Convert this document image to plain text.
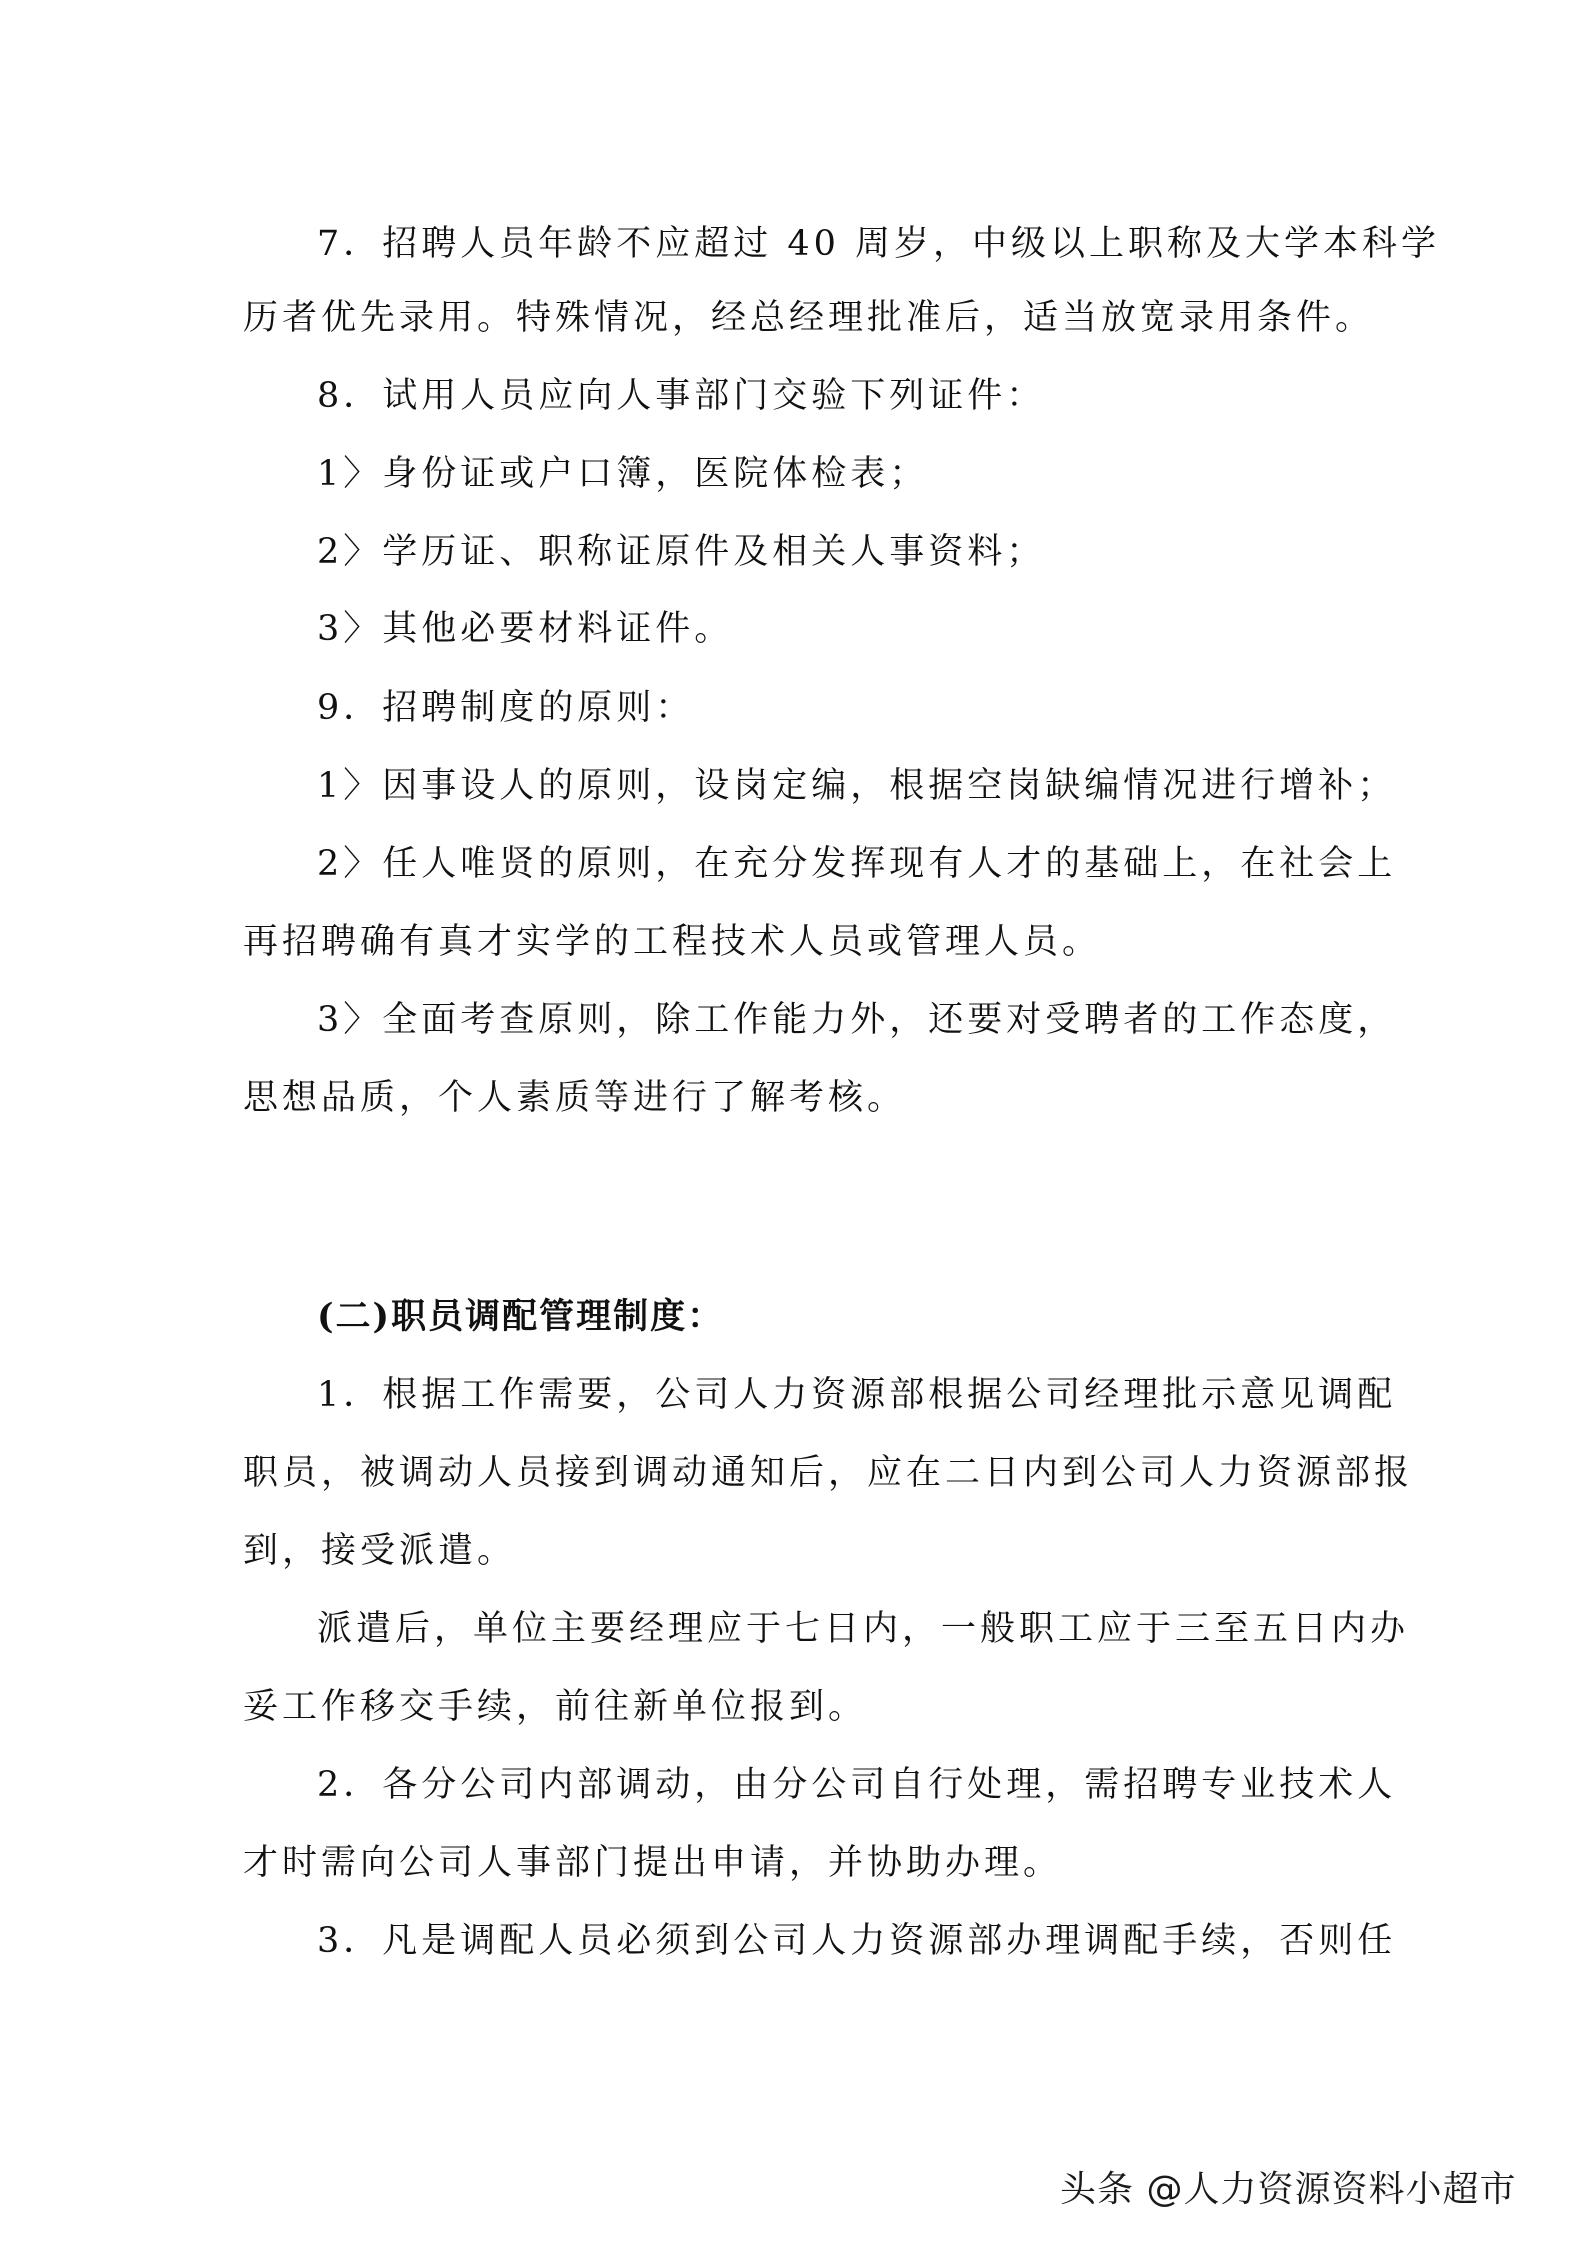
7．招聘人员年龄不应超过 40 周岁，中级以上职称及大学本科学
历者优先录用。特殊情况，经总经理批准后，适当放宽录用条件。
8．试用人员应向人事部门交验下列证件：
1〉身份证或户口簿，医院体检表；
2〉学历证、职称证原件及相关人事资料；
3〉其他必要材料证件。
9．招聘制度的原则：
1〉因事设人的原则，设岗定编，根据空岗缺编情况进行增补；
2〉任人唯贤的原则，在充分发挥现有人才的基础上，在社会上
再招聘确有真才实学的工程技术人员或管理人员。
3〉全面考查原则，除工作能力外，还要对受聘者的工作态度，
思想品质，个人素质等进行了解考核。
(二)职员调配管理制度：
1．根据工作需要，公司人力资源部根据公司经理批示意见调配
职员，被调动人员接到调动通知后，应在二日内到公司人力资源部报
到，接受派遣。
派遣后，单位主要经理应于七日内，一般职工应于三至五日内办
妥工作移交手续，前往新单位报到。
2．各分公司内部调动，由分公司自行处理，需招聘专业技术人
才时需向公司人事部门提出申请，并协助办理。
3．凡是调配人员必须到公司人力资源部办理调配手续，否则任
头条 @人力资源资料小超市
